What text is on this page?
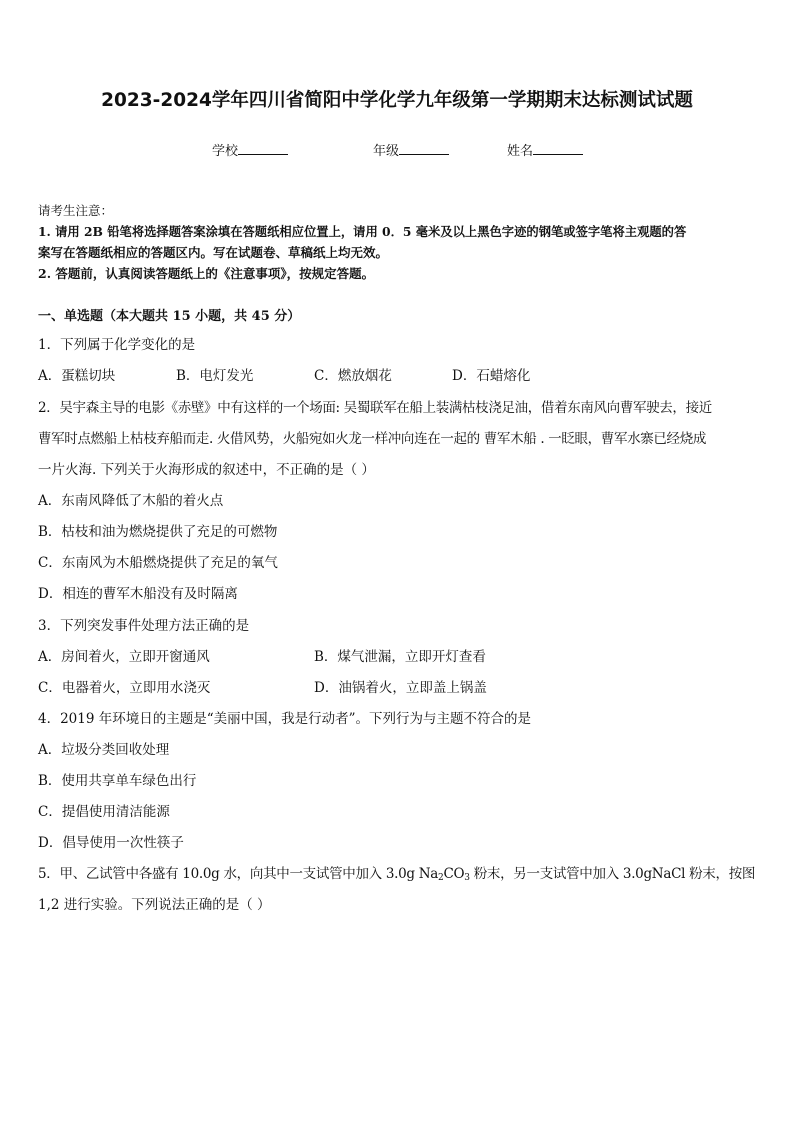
2023-2024学年四川省简阳中学化学九年级第一学期期末达标测试试题
学校	年级	姓名
请考生注意：
1. 请用 2B 铅笔将选择题答案涂填在答题纸相应位置上，请用 0．5 毫米及以上黑色字迹的钢笔或签字笔将主观题的答
案写在答题纸相应的答题区内。写在试题卷、草稿纸上均无效。
2. 答题前，认真阅读答题纸上的《注意事项》，按规定答题。
一、单选题（本大题共 15 小题，共 45 分）
1．下列属于化学变化的是
A．蛋糕切块	B．电灯发光	C．燃放烟花	D．石蜡熔化
2．吴宇森主导的电影《赤壁》中有这样的一个场面: 吴蜀联军在船上装满枯枝浇足油，借着东南风向曹军驶去，接近
曹军时点燃船上枯枝弃船而走. 火借风势，火船宛如火龙一样冲向连在一起的 曹军木船 . 一眨眼，曹军水寨已经烧成
一片火海. 下列关于火海形成的叙述中，不正确的是（ ）
A．东南风降低了木船的着火点
B．枯枝和油为燃烧提供了充足的可燃物
C．东南风为木船燃烧提供了充足的氧气
D．相连的曹军木船没有及时隔离
3．下列突发事件处理方法正确的是
A．房间着火，立即开窗通风	B．煤气泄漏，立即开灯查看
C．电器着火，立即用水浇灭	D．油锅着火，立即盖上锅盖
4．2019 年环境日的主题是“美丽中国，我是行动者”。下列行为与主题不符合的是
A．垃圾分类回收处理
B．使用共享单车绿色出行
C．提倡使用清洁能源
D．倡导使用一次性筷子
5．甲、乙试管中各盛有 10.0g 水，向其中一支试管中加入 3.0g $Na_2CO_3$ 粉末，另一支试管中加入 3.0gNaCl 粉末，按图
1,2 进行实验。下列说法正确的是（ ）
